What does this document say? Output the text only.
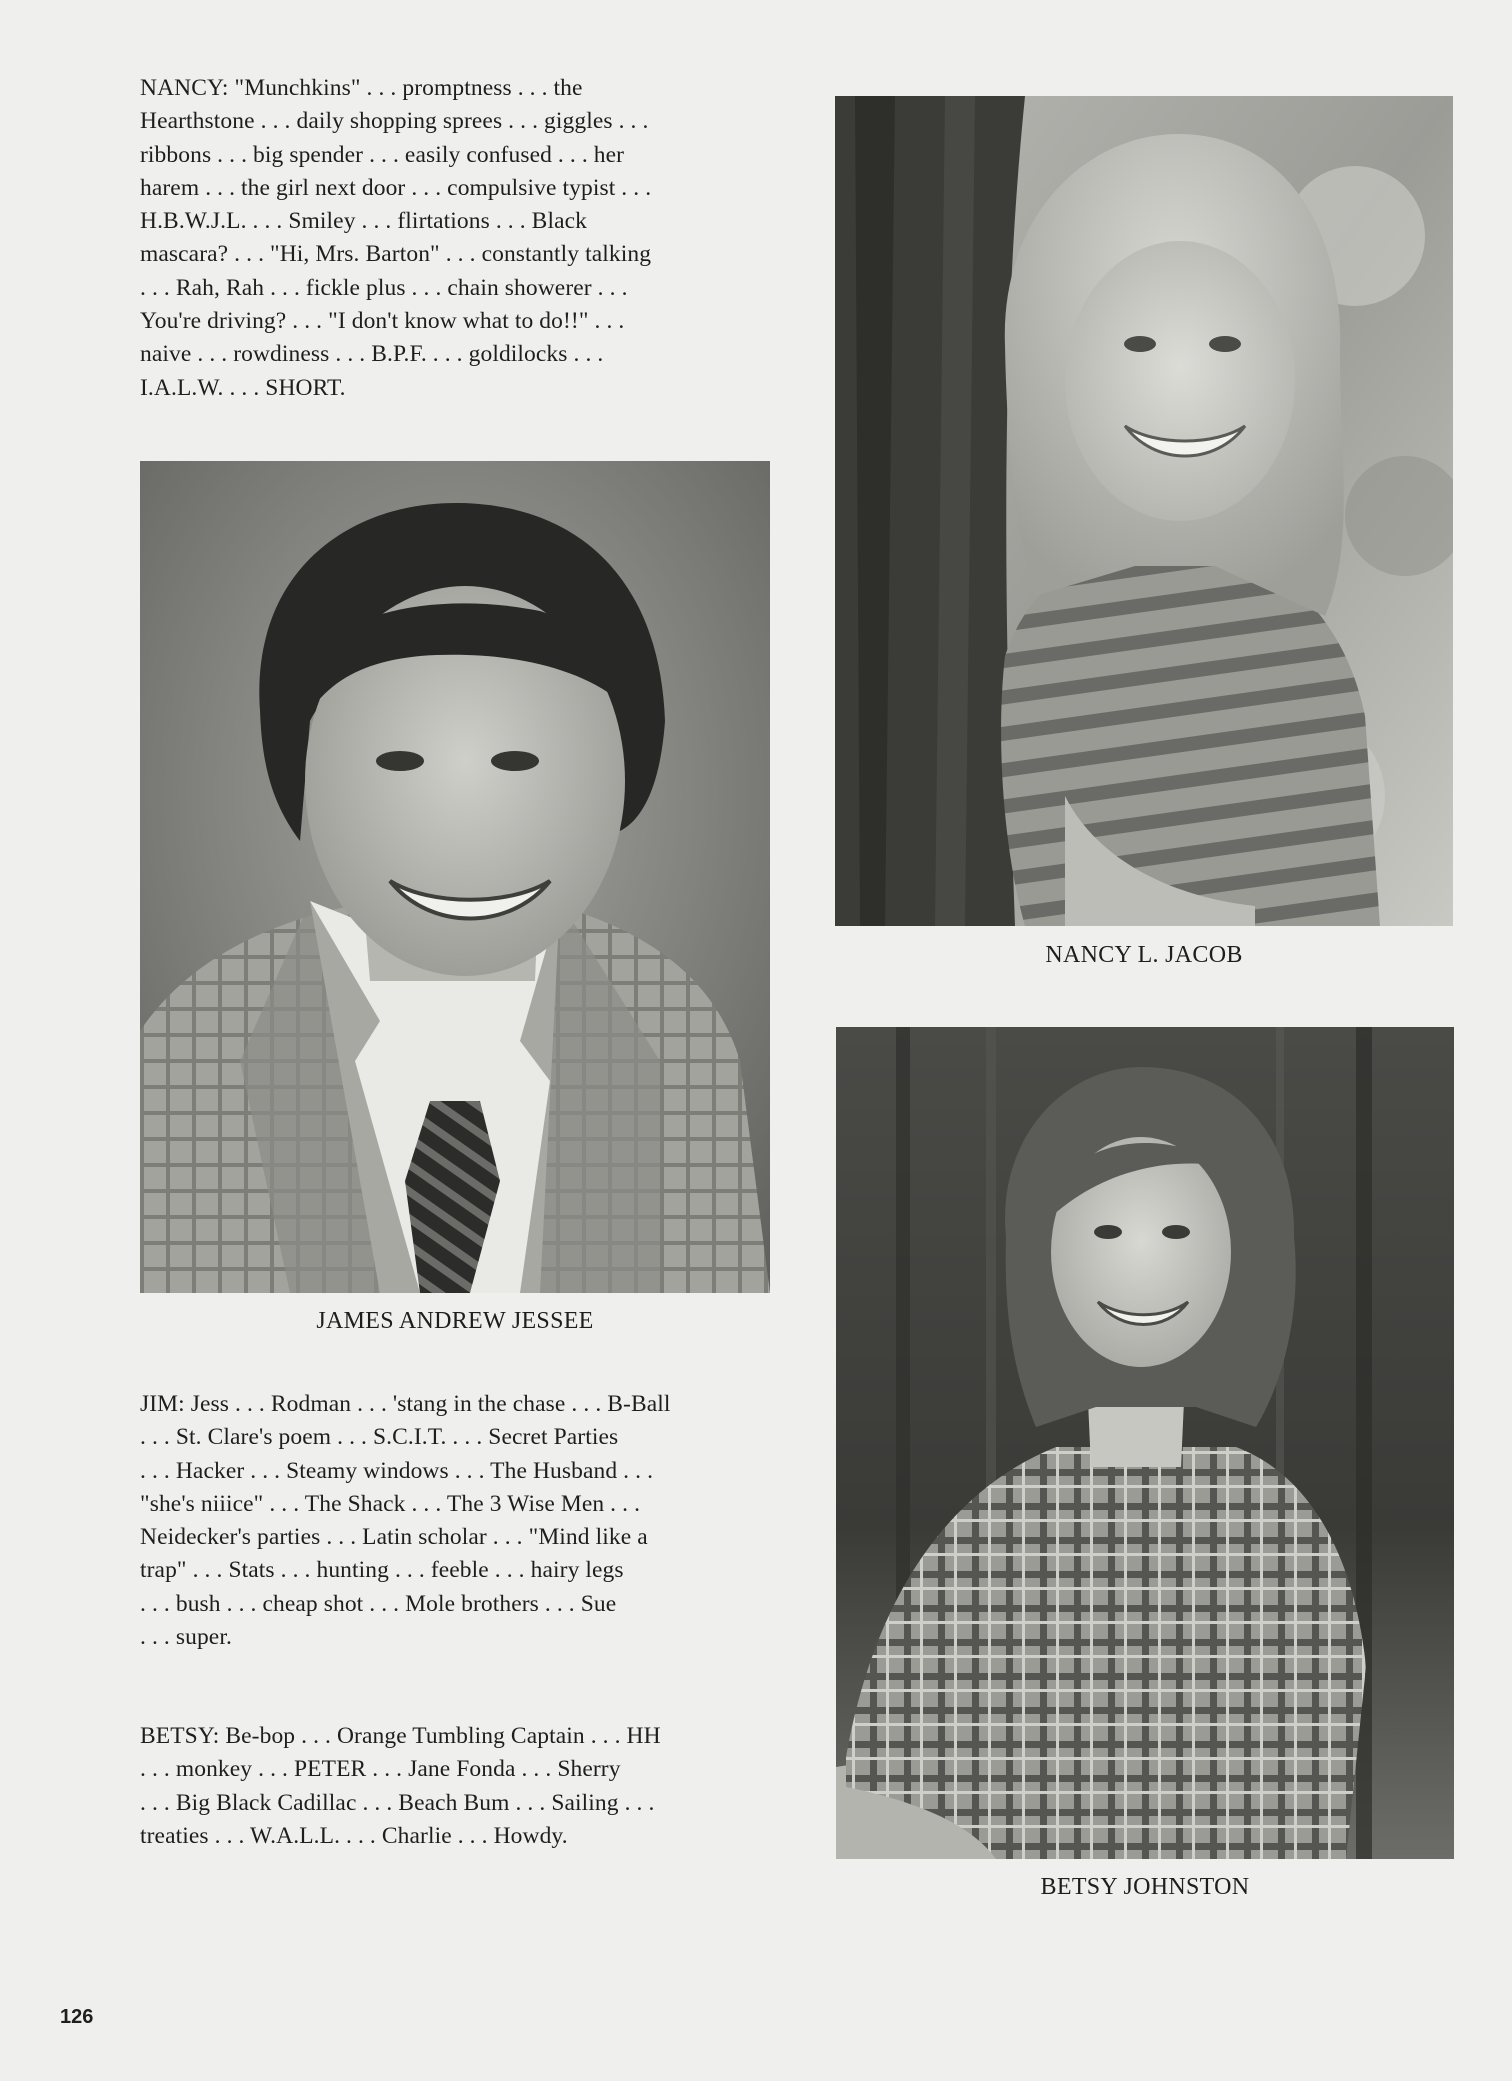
NANCY: "Munchkins" . . . promptness . . . the
Hearthstone . . . daily shopping sprees . . . giggles . . .
ribbons . . . big spender . . . easily confused . . . her
harem . . . the girl next door . . . compulsive typist . . .
H.B.W.J.L. . . . Smiley . . . flirtations . . . Black
mascara? . . . "Hi, Mrs. Barton" . . . constantly talking
. . . Rah, Rah . . . fickle plus . . . chain showerer . . .
You're driving? . . . "I don't know what to do!!" . . .
naive . . . rowdiness . . . B.P.F. . . . goldilocks . . .
I.A.L.W. . . . SHORT.
NANCY L. JACOB
JAMES ANDREW JESSEE
JIM: Jess . . . Rodman . . . 'stang in the chase . . . B-Ball
. . . St. Clare's poem . . . S.C.I.T. . . . Secret Parties
. . . Hacker . . . Steamy windows . . . The Husband . . .
"she's niiice" . . . The Shack . . . The 3 Wise Men . . .
Neidecker's parties . . . Latin scholar . . . "Mind like a
trap" . . . Stats . . . hunting . . . feeble . . . hairy legs
. . . bush . . . cheap shot . . . Mole brothers . . . Sue
. . . super.
BETSY JOHNSTON
BETSY: Be-bop . . . Orange Tumbling Captain . . . HH
. . . monkey . . . PETER . . . Jane Fonda . . . Sherry
. . . Big Black Cadillac . . . Beach Bum . . . Sailing . . .
treaties . . . W.A.L.L. . . . Charlie . . . Howdy.
126
